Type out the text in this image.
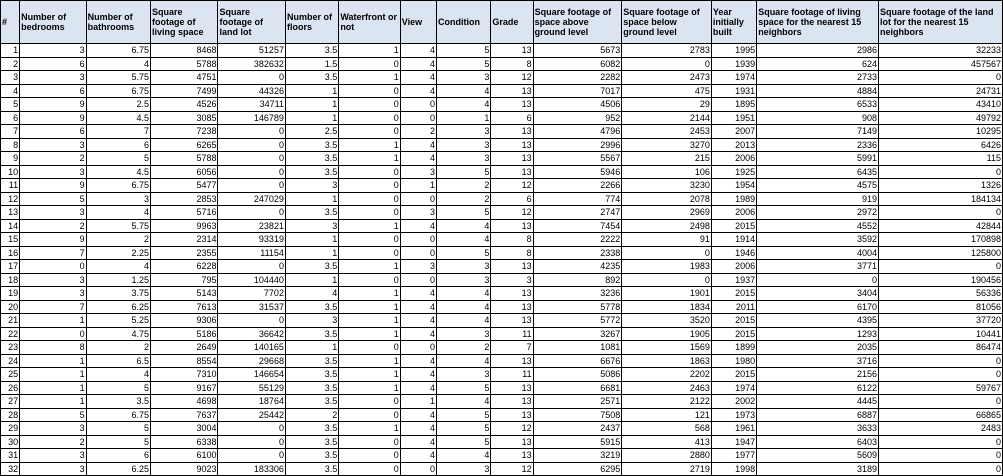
#	Number of bedrooms	Number of bathrooms	Square footage of living space	Square footage of land lot	Number of floors	Waterfront or not	View	Condition	Grade	Square footage of space above ground level	Square footage of space below ground level	Year initially built	Square footage of living space for the nearest 15 neighbors	Square footage of the land lot for the nearest 15 neighbors
1	3	6.75	8468	51257	3.5	1	4	5	13	5673	2783	1995	2986	32233
2	6	4	5788	382632	1.5	0	4	5	8	6082	0	1939	624	457567
3	3	5.75	4751	0	3.5	1	4	3	12	2282	2473	1974	2733	0
4	6	6.75	7499	44326	1	0	4	4	13	7017	475	1931	4884	24731
5	9	2.5	4526	34711	1	0	0	4	13	4506	29	1895	6533	43410
6	9	4.5	3085	146789	1	0	0	1	6	952	2144	1951	908	49792
7	6	7	7238	0	2.5	0	2	3	13	4796	2453	2007	7149	10295
8	3	6	6265	0	3.5	1	4	3	13	2996	3270	2013	2336	6426
9	2	5	5788	0	3.5	1	4	3	13	5567	215	2006	5991	115
10	3	4.5	6056	0	3.5	0	3	5	13	5946	106	1925	6435	0
11	9	6.75	5477	0	3	0	1	2	12	2266	3230	1954	4575	1326
12	5	3	2853	247029	1	0	0	2	6	774	2078	1989	919	184134
13	3	4	5716	0	3.5	0	3	5	12	2747	2969	2006	2972	0
14	2	5.75	9963	23821	3	1	4	4	13	7454	2498	2015	4552	42844
15	9	2	2314	93319	1	0	0	4	8	2222	91	1914	3592	170898
16	7	2.25	2355	11154	1	0	0	5	8	2338	0	1946	4004	125800
17	0	4	6228	0	3.5	1	3	3	13	4235	1983	2006	3771	0
18	3	1.25	795	104440	1	0	0	3	3	892	0	1937	0	190456
19	3	3.75	5143	7702	4	1	4	4	13	3236	1901	2015	3404	56336
20	7	6.25	7613	31537	3.5	1	4	4	13	5778	1834	2011	6170	81056
21	1	5.25	9306	0	3	1	4	4	13	5772	3520	2015	4395	37720
22	0	4.75	5186	36642	3.5	1	4	3	11	3267	1905	2015	1293	10441
23	8	2	2649	140165	1	0	0	2	7	1081	1569	1899	2035	86474
24	1	6.5	8554	29668	3.5	1	4	4	13	6676	1863	1980	3716	0
25	1	4	7310	146654	3.5	1	4	3	11	5086	2202	2015	2156	0
26	1	5	9167	55129	3.5	1	4	5	13	6681	2463	1974	6122	59767
27	1	3.5	4698	18764	3.5	0	1	4	13	2571	2122	2002	4445	0
28	5	6.75	7637	25442	2	0	4	5	13	7508	121	1973	6887	66865
29	3	5	3004	0	3.5	1	4	5	12	2437	568	1961	3633	2483
30	2	5	6338	0	3.5	0	4	5	13	5915	413	1947	6403	0
31	3	6	6100	0	3.5	0	4	4	13	3219	2880	1977	5609	0
32	3	6.25	9023	183306	3.5	0	0	3	12	6295	2719	1998	3189	0
